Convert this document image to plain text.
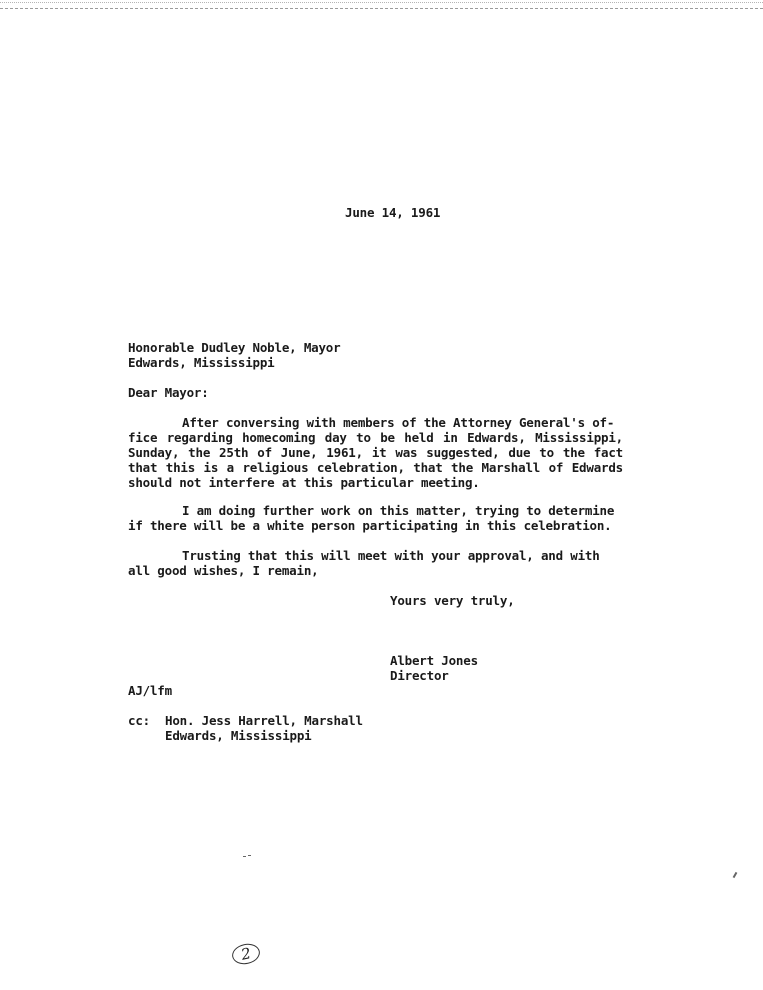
June 14, 1961
Honorable Dudley Noble, Mayor
Edwards, Mississippi
Dear Mayor:
After conversing with members of the Attorney General's of-
fice regarding homecoming day to be held in Edwards, Mississippi,
Sunday, the 25th of June, 1961, it was suggested, due to the fact
that this is a religious celebration, that the Marshall of Edwards
should not interfere at this particular meeting.
I am doing further work on this matter, trying to determine
if there will be a white person participating in this celebration.
Trusting that this will meet with your approval, and with
all good wishes, I remain,
Yours very truly,
Albert Jones
Director
AJ/lfm
cc: Hon. Jess Harrell, Marshall
Edwards, Mississippi
2
